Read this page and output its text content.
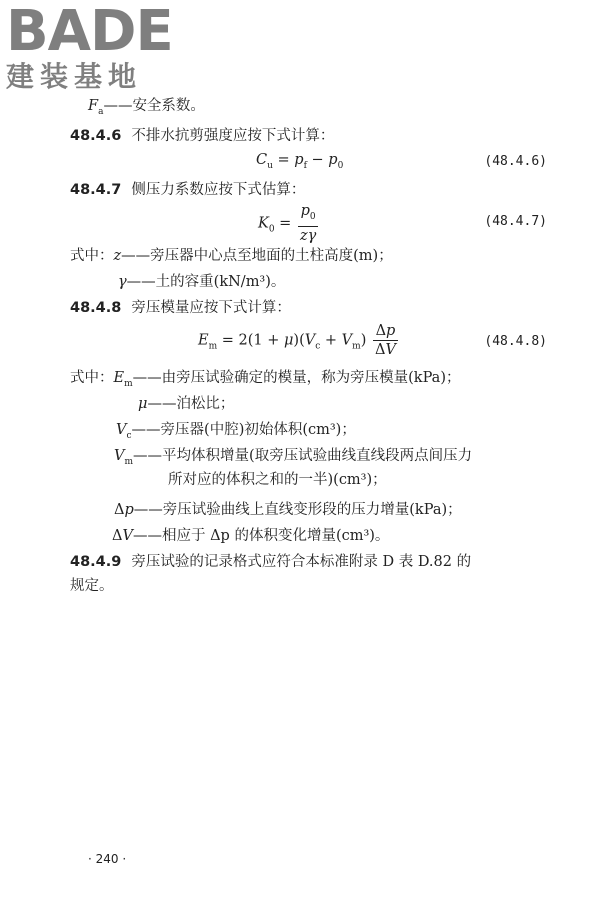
BADE
建装基地
$F_a——$安全系数。
48.4.6 不排水抗剪强度应按下式计算：
$C_u = p_f - p_0$	(48.4.6)
48.4.7 侧压力系数应按下式估算：
$K_0 = \frac{p_0}{z\gamma}$	(48.4.7)
式中：z——旁压器中心点至地面的土柱高度(m)；
γ——土的容重(kN/m³)。
48.4.8 旁压模量应按下式计算：
$E_m = 2(1 + \mu)(V_c + V_m) \frac{\Delta p}{\Delta V}$	(48.4.8)
式中：$E_m——$由旁压试验确定的模量，称为旁压模量(kPa)；
μ——泊松比；
$V_c——$旁压器(中腔)初始体积(cm³)；
$V_m——$平均体积增量(取旁压试验曲线直线段两点间压力
所对应的体积之和的一半)(cm³)；
Δp——旁压试验曲线上直线变形段的压力增量(kPa)；
ΔV——相应于 Δp 的体积变化增量(cm³)。
48.4.9 旁压试验的记录格式应符合本标准附录 D 表 D.82 的
规定。
· 240 ·
